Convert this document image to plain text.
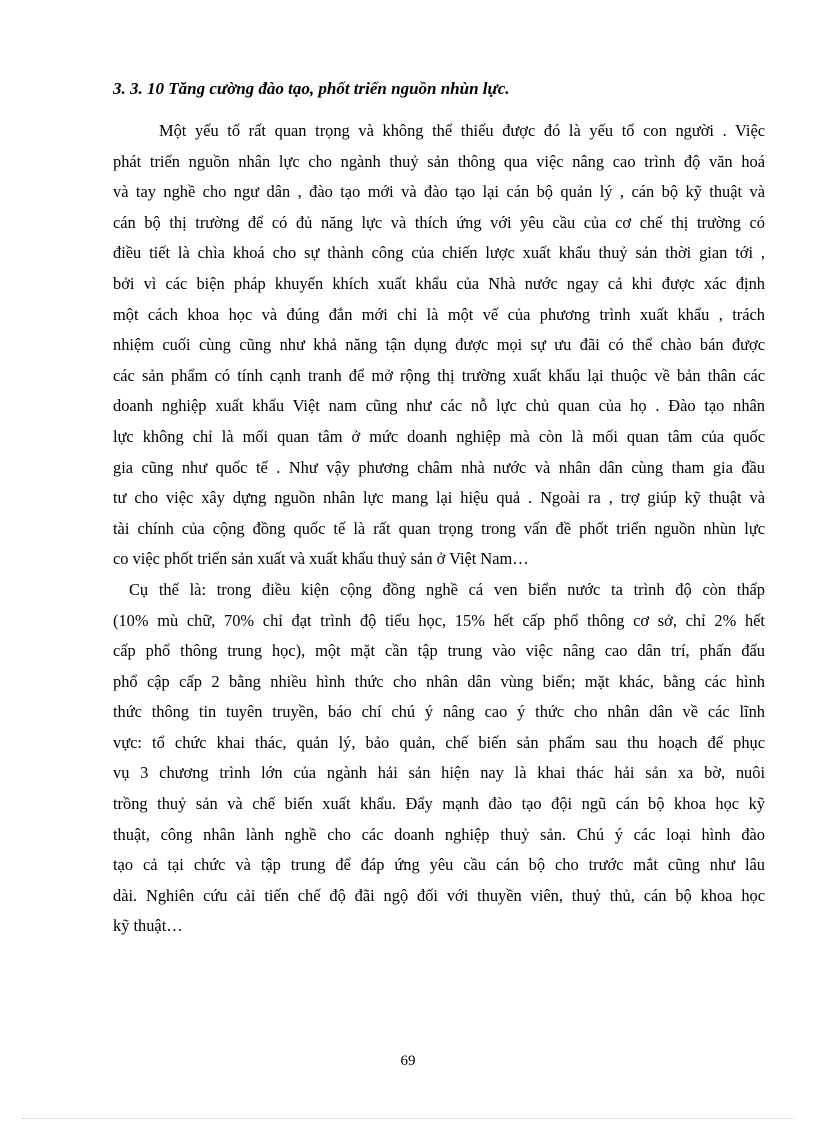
3. 3. 10 Tăng cường đào tạo, phốt triển nguồn nhùn lực.
Một yếu tố rất quan trọng và không thể thiếu được đó là yếu tố con người . Việc
phát triển nguồn nhân lực cho ngành thuỷ sản thông qua việc nâng cao trình độ văn hoá
và tay nghề cho ngư dân , đào tạo mới và đào tạo lại cán bộ quản lý , cán bộ kỹ thuật và
cán bộ thị trường để có đủ năng lực và thích ứng với yêu cầu của cơ chế thị trường có
điều tiết là chìa khoá cho sự thành công của chiến lược xuất khẩu thuỷ sản thời gian tới ,
bởi vì các biện pháp khuyến khích xuất khẩu của Nhà nước ngay cả khi được xác định
một cách khoa học và đúng đắn mới chỉ là một vế của phương trình xuất khẩu , trách
nhiệm cuối cùng cũng như khả năng tận dụng được mọi sự ưu đãi có thể chào bán được
các sản phẩm có tính cạnh tranh để mở rộng thị trường xuất khẩu lại thuộc về bản thân các
doanh nghiệp xuất khẩu Việt nam cũng như các nỗ lực chủ quan của họ . Đào tạo nhân
lực không chỉ là mối quan tâm ở mức doanh nghiệp mà còn là mối quan tâm của quốc
gia cũng như quốc tế . Như vậy phương châm nhà nước và nhân dân cùng tham gia đầu
tư cho việc xây dựng nguồn nhân lực mang lại hiệu quả . Ngoài ra , trợ giúp kỹ thuật và
tài chính của cộng đồng quốc tế là rất quan trọng trong vấn đề phốt triển nguồn nhùn lực
co việc phốt triển sản xuất và xuất khẩu thuỷ sản ở Việt Nam…
Cụ thể là: trong điều kiện cộng đồng nghề cá ven biển nước ta trình độ còn thấp
(10% mù chữ, 70% chỉ đạt trình độ tiểu học, 15% hết cấp phổ thông cơ sở, chỉ 2% hết
cấp phổ thông trung học), một mặt cần tập trung vào việc nâng cao dân trí, phấn đấu
phổ cập cấp 2 bằng nhiều hình thức cho nhân dân vùng biển; mặt khác, bằng các hình
thức thông tin tuyên truyền, báo chí chú ý nâng cao ý thức cho nhân dân về các lĩnh
vực: tổ chức khai thác, quản lý, bảo quản, chế biến sản phẩm sau thu hoạch để phục
vụ 3 chương trình lớn của ngành hải sản hiện nay là khai thác hải sản xa bờ, nuôi
trồng thuỷ sản và chế biến xuất khẩu. Đẩy mạnh đào tạo đội ngũ cán bộ khoa học kỹ
thuật, công nhân lành nghề cho các doanh nghiệp thuỷ sản. Chú ý các loại hình đào
tạo cả tại chức và tập trung để đáp ứng yêu cầu cán bộ cho trước mắt cũng như lâu
dài. Nghiên cứu cải tiến chế độ đãi ngộ đối với thuyền viên, thuỷ thủ, cán bộ khoa học
kỹ thuật…
69
